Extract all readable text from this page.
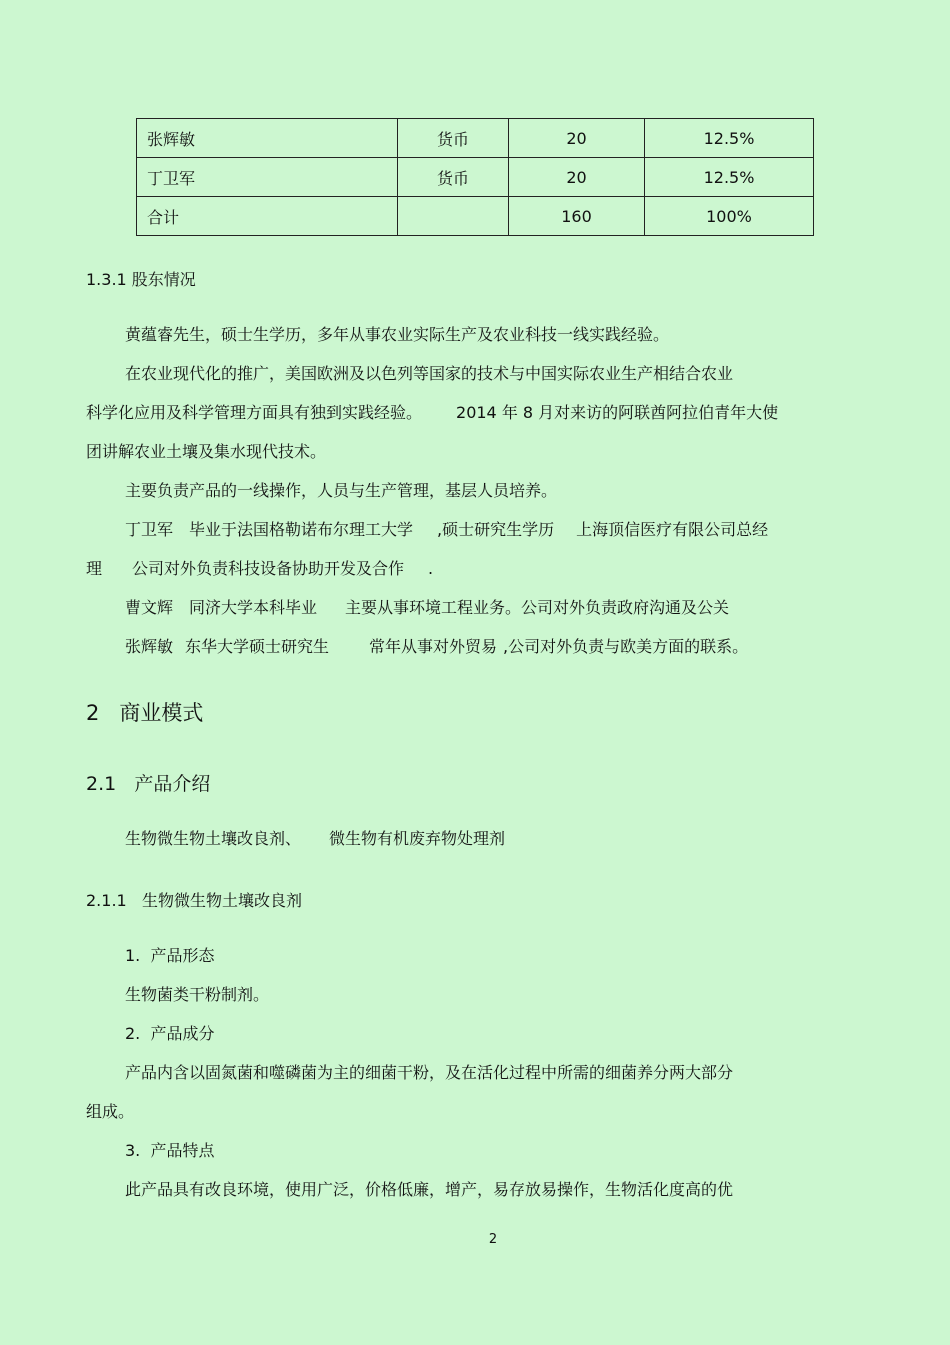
张辉敏	货币	20	12.5%
丁卫军	货币	20	12.5%
合计		160	100%
1.3.1 股东情况
黄蕴睿先生，硕士生学历，多年从事农业实际生产及农业科技一线实践经验。
在农业现代化的推广，美国欧洲及以色列等国家的技术与中国实际农业生产相结合农业
科学化应用及科学管理方面具有独到实践经验。 2014 年 8 月对来访的阿联酋阿拉伯青年大使
团讲解农业土壤及集水现代技术。
主要负责产品的一线操作，人员与生产管理，基层人员培养。
丁卫军 毕业于法国格勒诺布尔理工大学 ,硕士研究生学历 上海顶信医疗有限公司总经
理 公司对外负责科技设备协助开发及合作 .
曹文辉 同济大学本科毕业 主要从事环境工程业务。公司对外负责政府沟通及公关
张辉敏 东华大学硕士研究生	常年从事对外贸易 ,公司对外负责与欧美方面的联系。
2   商业模式
2.1   产品介绍
生物微生物土壤改良剂、 微生物有机废弃物处理剂
2.1.1   生物微生物土壤改良剂
1.  产品形态
生物菌类干粉制剂。
2.  产品成分
产品内含以固氮菌和噬磷菌为主的细菌干粉，及在活化过程中所需的细菌养分两大部分
组成。
3.  产品特点
此产品具有改良环境，使用广泛，价格低廉，增产，易存放易操作，生物活化度高的优
2
